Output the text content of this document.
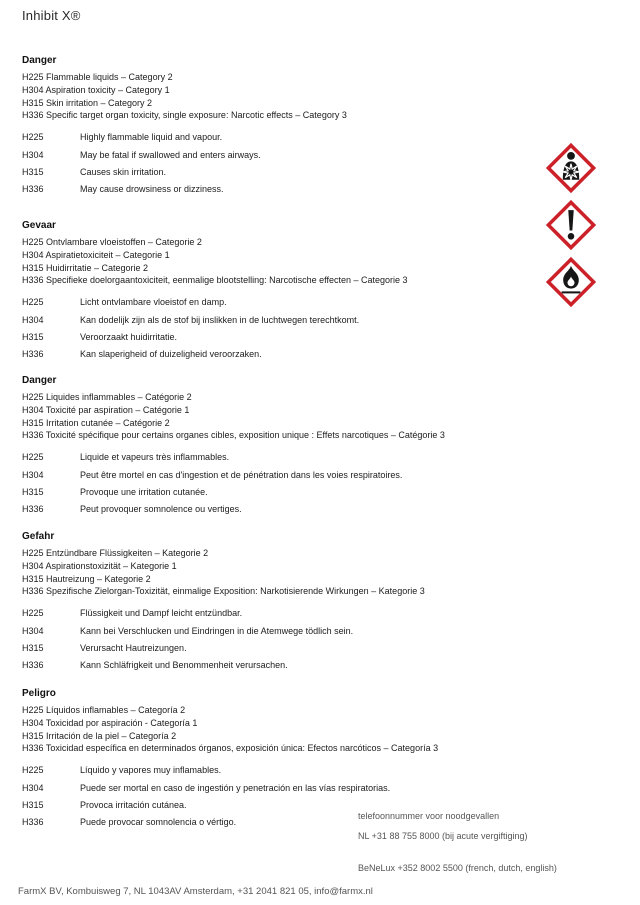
Inhibit X®
Danger
H225 Flammable liquids – Category 2
H304 Aspiration toxicity – Category 1
H315 Skin irritation – Category 2
H336 Specific target organ toxicity, single exposure: Narcotic effects – Category 3
H225	Highly flammable liquid and vapour.
H304	May be fatal if swallowed and enters airways.
H315	Causes skin irritation.
H336	May cause drowsiness or dizziness.
Gevaar
H225 Ontvlambare vloeistoffen – Categorie 2
H304 Aspiratietoxiciteit – Categorie 1
H315 Huidirritatie – Categorie 2
H336 Specifieke doelorgaantoxiciteit, eenmalige blootstelling: Narcotische effecten – Categorie 3
H225	Licht ontvlambare vloeistof en damp.
H304	Kan dodelijk zijn als de stof bij inslikken in de luchtwegen terechtkomt.
H315	Veroorzaakt huidirritatie.
H336	Kan slaperigheid of duizeligheid veroorzaken.
Danger
H225 Liquides inflammables – Catégorie 2
H304 Toxicité par aspiration – Catégorie 1
H315 Irritation cutanée – Catégorie 2
H336 Toxicité spécifique pour certains organes cibles, exposition unique : Effets narcotiques – Catégorie 3
H225	Liquide et vapeurs très inflammables.
H304	Peut être mortel en cas d'ingestion et de pénétration dans les voies respiratoires.
H315	Provoque une irritation cutanée.
H336	Peut provoquer somnolence ou vertiges.
Gefahr
H225 Entzündbare Flüssigkeiten – Kategorie 2
H304 Aspirationstoxizität – Kategorie 1
H315 Hautreizung – Kategorie 2
H336 Spezifische Zielorgan-Toxizität, einmalige Exposition: Narkotisierende Wirkungen – Kategorie 3
H225	Flüssigkeit und Dampf leicht entzündbar.
H304	Kann bei Verschlucken und Eindringen in die Atemwege tödlich sein.
H315	Verursacht Hautreizungen.
H336	Kann Schläfrigkeit und Benommenheit verursachen.
Peligro
H225 Líquidos inflamables – Categoría 2
H304 Toxicidad por aspiración - Categoría 1
H315 Irritación de la piel – Categoría 2
H336 Toxicidad específica en determinados órganos, exposición única: Efectos narcóticos – Categoría 3
H225	Líquido y vapores muy inflamables.
H304	Puede ser mortal en caso de ingestión y penetración en las vías respiratorias.
H315	Provoca irritación cutánea.
H336	Puede provocar somnolencia o vértigo.
telefoonnummer voor noodgevallen
NL +31 88 755 8000 (bij acute vergiftiging)
BeNeLux +352 8002 5500 (french, dutch, english)
FarmX BV, Kombuisweg 7, NL 1043AV Amsterdam, +31 2041 821 05, info@farmx.nl
